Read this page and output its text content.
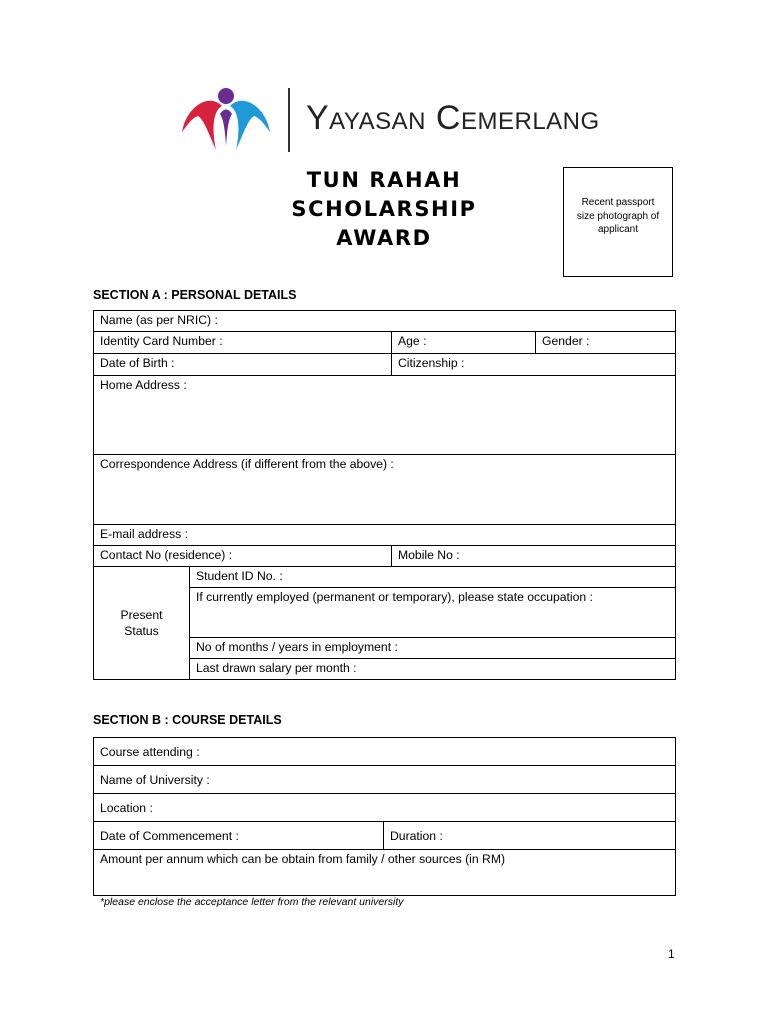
Yayasan Cemerlang
TUN RAHAH
SCHOLARSHIP
AWARD
Recent passport
size photograph of
applicant
SECTION A : PERSONAL DETAILS
Name (as per NRIC) :			
Identity Card Number :		Age :	Gender :
Date of Birth :		Citizenship :	
Home Address :			
Correspondence Address (if different from the above) :			
E-mail address :			
Contact No (residence) :		Mobile No :	

Present
Status	Student ID No. :		
	If currently employed (permanent or temporary), please state occupation :		
	No of months / years in employment :		
	Last drawn salary per month :		
SECTION B : COURSE DETAILS
Course attending :
Name of University :
Location :
Date of Commencement :	Duration :
Amount per annum which can be obtain from family / other sources (in RM)
*please enclose the acceptance letter from the relevant university
1
